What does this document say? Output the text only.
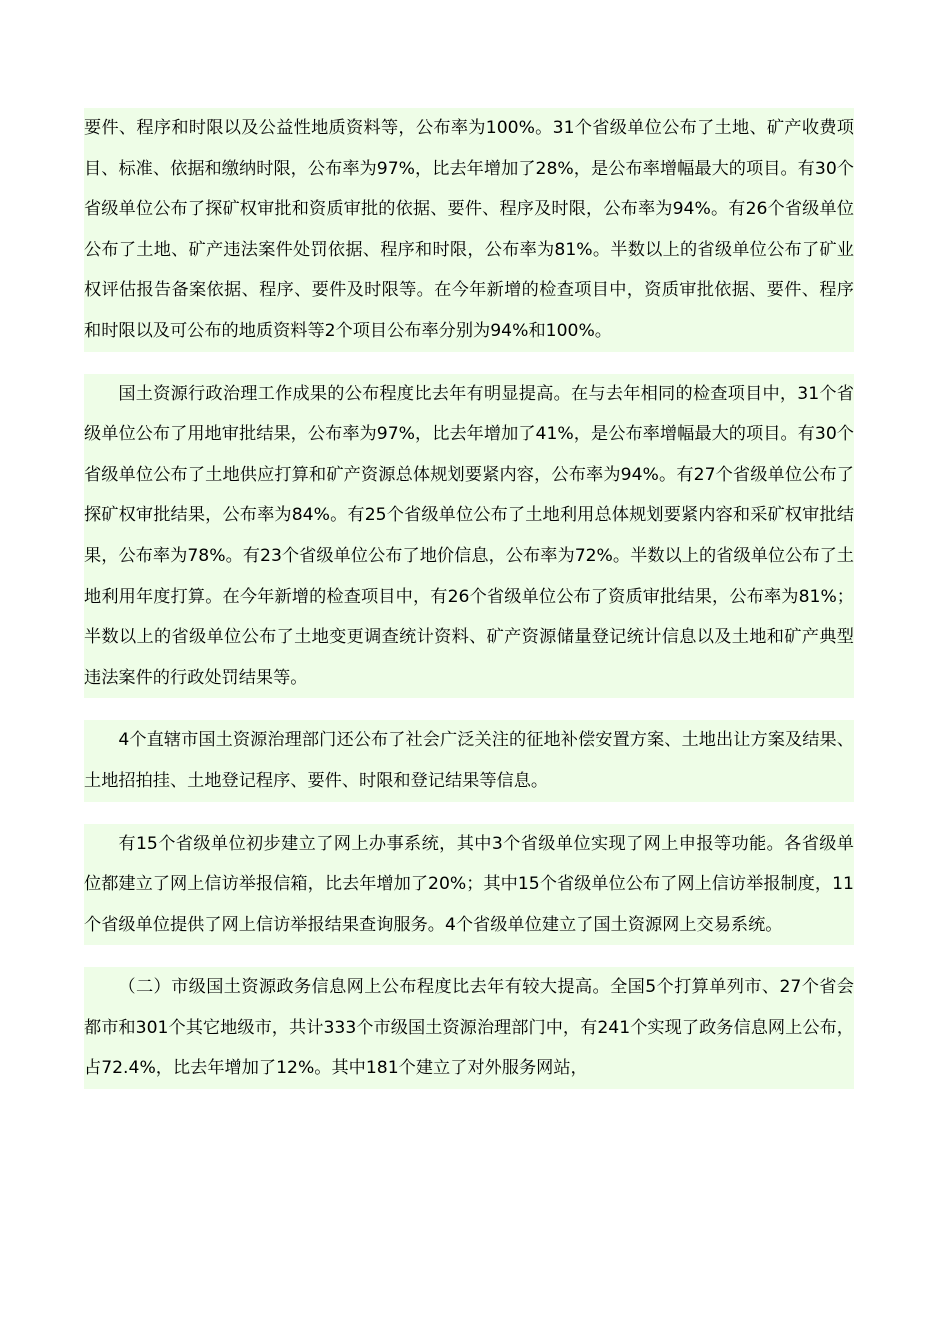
要件、程序和时限以及公益性地质资料等，公布率为100%。31个省级单位公布了土地、矿产收费项目、标准、依据和缴纳时限，公布率为97%，比去年增加了28%，是公布率增幅最大的项目。有30个省级单位公布了探矿权审批和资质审批的依据、要件、程序及时限，公布率为94%。有26个省级单位公布了土地、矿产违法案件处罚依据、程序和时限，公布率为81%。半数以上的省级单位公布了矿业权评估报告备案依据、程序、要件及时限等。在今年新增的检查项目中，资质审批依据、要件、程序和时限以及可公布的地质资料等2个项目公布率分别为94%和100%。

国土资源行政治理工作成果的公布程度比去年有明显提高。在与去年相同的检查项目中，31个省级单位公布了用地审批结果，公布率为97%，比去年增加了41%，是公布率增幅最大的项目。有30个省级单位公布了土地供应打算和矿产资源总体规划要紧内容，公布率为94%。有27个省级单位公布了探矿权审批结果，公布率为84%。有25个省级单位公布了土地利用总体规划要紧内容和采矿权审批结果，公布率为78%。有23个省级单位公布了地价信息，公布率为72%。半数以上的省级单位公布了土地利用年度打算。在今年新增的检查项目中，有26个省级单位公布了资质审批结果，公布率为81%；半数以上的省级单位公布了土地变更调查统计资料、矿产资源储量登记统计信息以及土地和矿产典型违法案件的行政处罚结果等。

4个直辖市国土资源治理部门还公布了社会广泛关注的征地补偿安置方案、土地出让方案及结果、土地招拍挂、土地登记程序、要件、时限和登记结果等信息。

有15个省级单位初步建立了网上办事系统，其中3个省级单位实现了网上申报等功能。各省级单位都建立了网上信访举报信箱，比去年增加了20%；其中15个省级单位公布了网上信访举报制度，11个省级单位提供了网上信访举报结果查询服务。4个省级单位建立了国土资源网上交易系统。

（二）市级国土资源政务信息网上公布程度比去年有较大提高。全国5个打算单列市、27个省会都市和301个其它地级市，共计333个市级国土资源治理部门中，有241个实现了政务信息网上公布，占72.4%，比去年增加了12%。其中181个建立了对外服务网站，
